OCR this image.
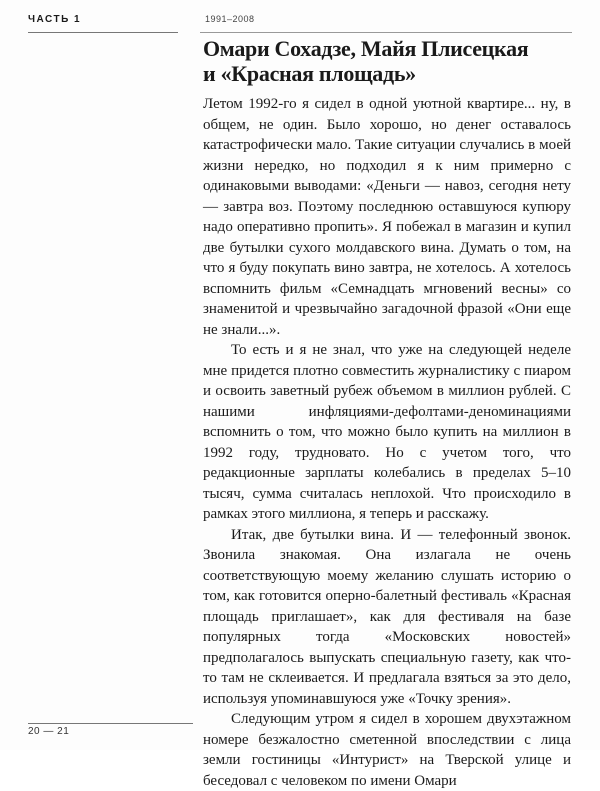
ЧАСТЬ 1	1991–2008
Омари Сохадзе, Майя Плисецкая
и «Красная площадь»

Летом 1992-го я сидел в одной уютной квартире... ну, в общем, не один. Было хорошо, но денег оставалось катастрофически мало. Такие ситуации случались в моей жизни нередко, но подходил я к ним примерно с одинаковыми выводами: «Деньги — навоз, сегодня нету — завтра воз. Поэтому последнюю оставшуюся купюру надо оперативно пропить». Я побежал в магазин и купил две бутылки сухого молдавского вина. Думать о том, на что я буду покупать вино завтра, не хотелось. А хотелось вспомнить фильм «Семнадцать мгновений весны» со знаменитой и чрезвычайно загадочной фразой «Они еще не знали...».

То есть и я не знал, что уже на следующей неделе мне придется плотно совместить журналистику с пиаром и освоить заветный рубеж объемом в миллион рублей. С нашими инфляциями-дефолтами-деноминациями вспомнить о том, что можно было купить на миллион в 1992 году, трудновато. Но с учетом того, что редакционные зарплаты колебались в пределах 5–10 тысяч, сумма считалась неплохой. Что происходило в рамках этого миллиона, я теперь и расскажу.

Итак, две бутылки вина. И — телефонный звонок. Звонила знакомая. Она излагала не очень соответствующую моему желанию слушать историю о том, как готовится оперно-балетный фестиваль «Красная площадь приглашает», как для фестиваля на базе популярных тогда «Московских новостей» предполагалось выпускать специальную газету, как что-то там не склеивается. И предлагала взяться за это дело, используя упоминавшуюся уже «Точку зрения».

Следующим утром я сидел в хорошем двухэтажном номере безжалостно сметенной впоследствии с лица земли гостиницы «Интурист» на Тверской улице и беседовал с человеком по имени Омари

20 — 21
